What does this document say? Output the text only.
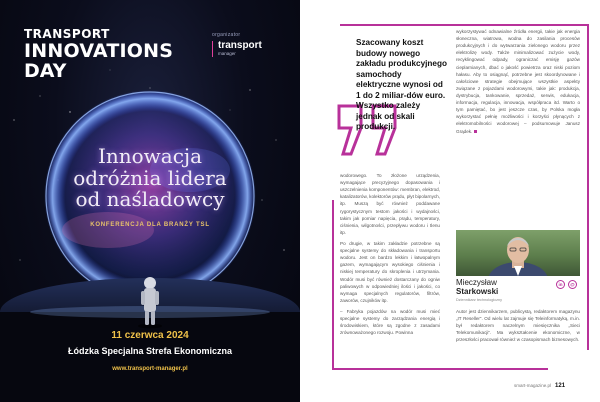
TRANSPORT
INNOVATIONS
DAY
organizator
transport
manager
Innowacja
odróżnia lidera
od naśladowcy
KONFERENCJA DLA BRANŻY TSL
11 czerwca 2024
Łódzka Specjalna Strefa Ekonomiczna
www.transport-manager.pl
Szacowany koszt budowy nowego zakładu produkcyjnego samochody elektryczne wynosi od 1 do 2 miliar-dów euro. Wszystko zależy jednak od skali produkcji.

wodorowego. To złożone urządzenia, wymagające precyzyjnego dopasowania i uszczelnienia komponentów: membran, elektrod, katalizatorów, kolektorów prądu, płyt bipolarnych, itp. Muszą być również poddawane rygorystycznym testom jakości i wydajności, takim jak pomiar napięcia, prądu, temperatury, ciśnienia, wilgotności, przepływu wodoru i tlenu itp.

Po drugie, w takim zakładzie potrzebne są specjalne systemy do składowania i transportu wodoru. Jest on bardzo lekkim i łatwopalnym gazem, wymagającym wysokiego ciśnienia i niskiej temperatury do skroplenia i utrzymania. Wodór musi być również dostarczany do ogniw paliwowych w odpowiedniej ilości i jakości, co wymaga specjalnych regulatorów, filtrów, zaworów, czujników itp.

– Fabryka pojazdów na wodór musi mieć specjalne systemy do zarządzania energią i środowiskiem, które są zgodne z zasadami zrównoważonego rozwoju. Powinna

wykorzystywać odnawialne źródła energii, takie jak energia słoneczna, wiatrowa, wodna do zasilania procesów produkcyjnych i do wytwarzania zielonego wodoru przez elektrolizę wody. Także minimalizować zużycie wody, recyklingować odpady, ograniczać emisję gazów cieplarnianych, dbać o jakość powietrza oraz niski poziom hałasu. Aby to osiągnąć, potrzebne jest skoordynowane i całościowe strategie obejmujące wszystkie aspekty związane z pojazdami wodorowymi, takie jak: produkcja, dystrybucja, tankowanie, sprzedaż, serwis, edukacja, informacja, regulacja, innowacja, współpraca itd. Warto o tym pamiętać, bo jest jeszcze czas, by Polska mogła wykorzystać pełnię możliwości i korzyści płynących z elektromobilności wodorowej – podsumowuje Janusz Grądek.

Mieczysław
Starkowski
Dziennikarz technologiczny
in	@
Autor jest dziennikarzem, publicystą, redaktorem magazynu „IT Reseller”. Od wielu lat zajmuje się Teleinformatyką, m.in. był redaktorem naczelnym miesięcznika „Sieci Telekomunikacji”. Ma wykształcenie ekonomiczne, w przeszłości pracował również w czasopismach biznesowych.
smart-magazine.pl 121
